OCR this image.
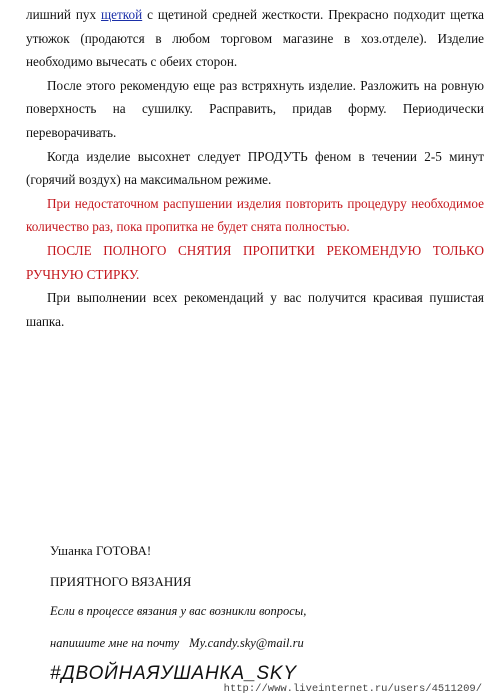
лишний пух щеткой с щетиной средней жесткости. Прекрасно подходит щетка утюжок (продаются в любом торговом магазине в хоз.отделе). Изделие необходимо вычесать с обеих сторон.

После этого рекомендую еще раз встряхнуть изделие. Разложить на ровную поверхность на сушилку. Расправить, придав форму. Периодически переворачивать.

Когда изделие высохнет следует ПРОДУТЬ феном в течении 2-5 минут (горячий воздух) на максимальном режиме.

При недостаточном распушении изделия повторить процедуру необходимое количество раз, пока пропитка не будет снята полностью.

ПОСЛЕ ПОЛНОГО СНЯТИЯ ПРОПИТКИ РЕКОМЕНДУЮ ТОЛЬКО РУЧНУЮ СТИРКУ.

При выполнении всех рекомендаций у вас получится красивая пушистая шапка.

Ушанка ГОТОВА!
ПРИЯТНОГО ВЯЗАНИЯ
Если в процессе вязания у вас возникли вопросы,
напишите мне на почту My.candy.sky@mail.ru
#ДВОЙНАЯУШАНКА_SKY
http://www.liveinternet.ru/users/4511209/
